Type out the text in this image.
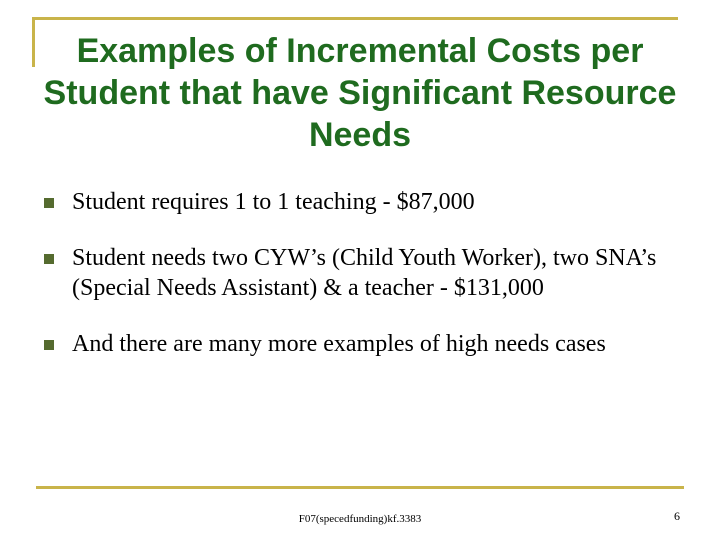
Examples of Incremental Costs per Student that have Significant Resource Needs
Student requires 1 to 1 teaching - $87,000
Student needs two CYW’s (Child Youth Worker), two SNA’s (Special Needs Assistant) & a teacher - $131,000
And there are many more examples of high needs cases
F07(specedfunding)kf.3383	6
